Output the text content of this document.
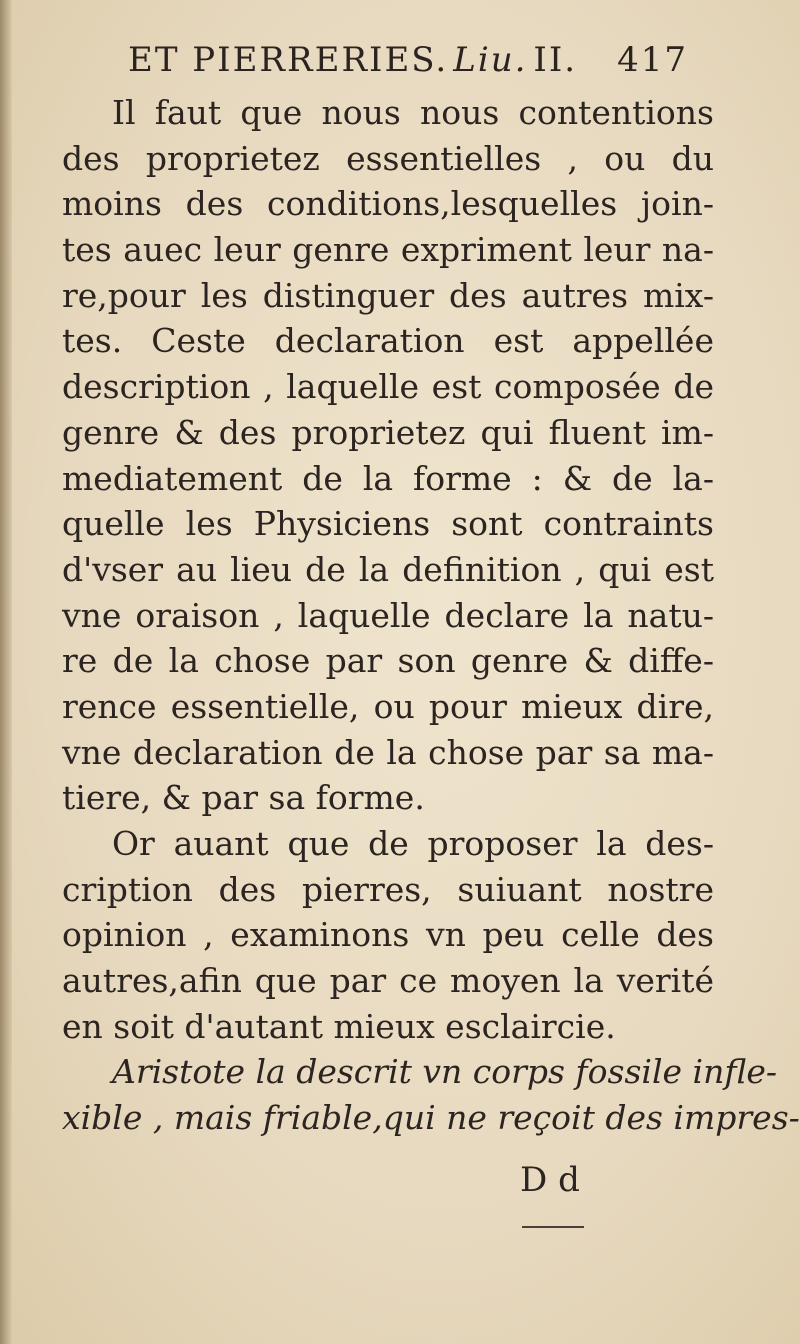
ET PIERRERIES. Liu. II. 417
Il faut que nous nous contentions
des proprietez essentielles , ou du
moins des conditions,lesquelles join-
tes auec leur genre expriment leur na-
re,pour les distinguer des autres mix-
tes. Ceste declaration est appellée
description , laquelle est composée de
genre & des proprietez qui fluent im-
mediatement de la forme : & de la-
quelle les Physiciens sont contraints
d'vser au lieu de la definition , qui est
vne oraison , laquelle declare la natu-
re de la chose par son genre & diffe-
rence essentielle, ou pour mieux dire,
vne declaration de la chose par sa ma-
tiere, & par sa forme.
Or auant que de proposer la des-
cription des pierres, suiuant nostre
opinion , examinons vn peu celle des
autres,afin que par ce moyen la verité
en soit d'autant mieux esclaircie.
Aristote la descrit vn corps fossile infle-
xible , mais friable,qui ne reçoit des impres-
D d
